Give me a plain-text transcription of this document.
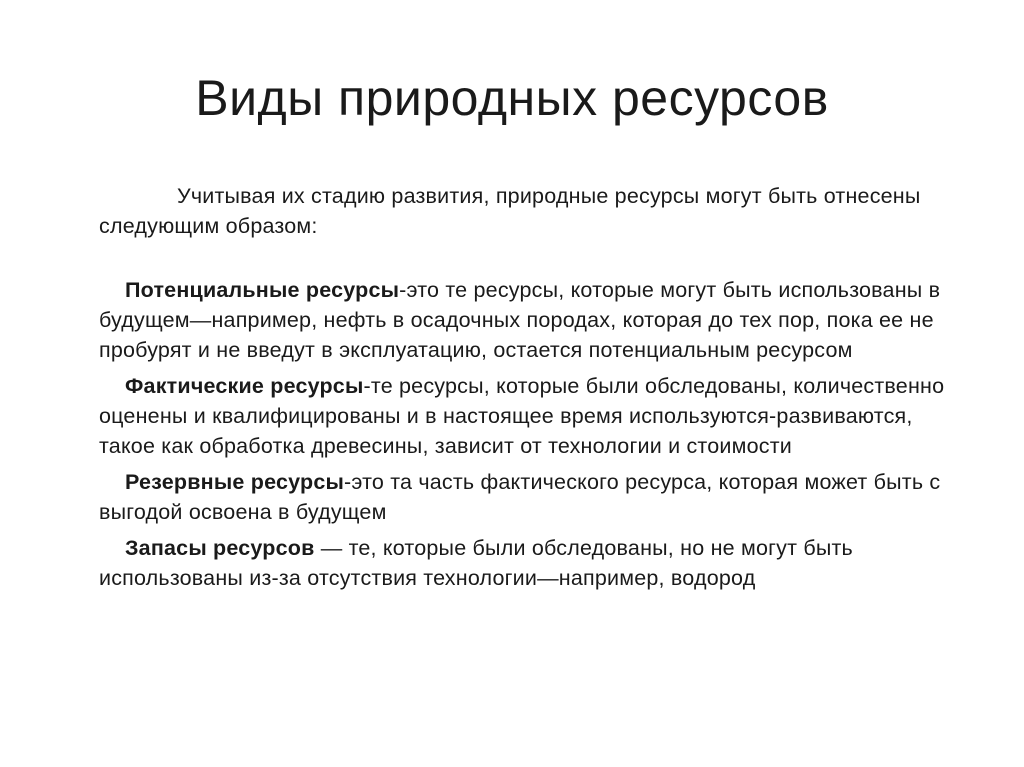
Виды природных ресурсов

Учитывая их стадию развития, природные ресурсы могут быть отнесены следующим образом:

Потенциальные ресурсы-это те ресурсы, которые могут быть использованы в будущем—например, нефть в осадочных породах, которая до тех пор, пока ее не пробурят и не введут в эксплуатацию, остается потенциальным ресурсом
Фактические ресурсы-те ресурсы, которые были обследованы, количественно оценены и квалифицированы и в настоящее время используются-развиваются, такое как обработка древесины, зависит от технологии и стоимости
Резервные ресурсы-это та часть фактического ресурса, которая может быть с выгодой освоена в будущем
Запасы ресурсов — те, которые были обследованы, но не могут быть использованы из-за отсутствия технологии—например, водород
